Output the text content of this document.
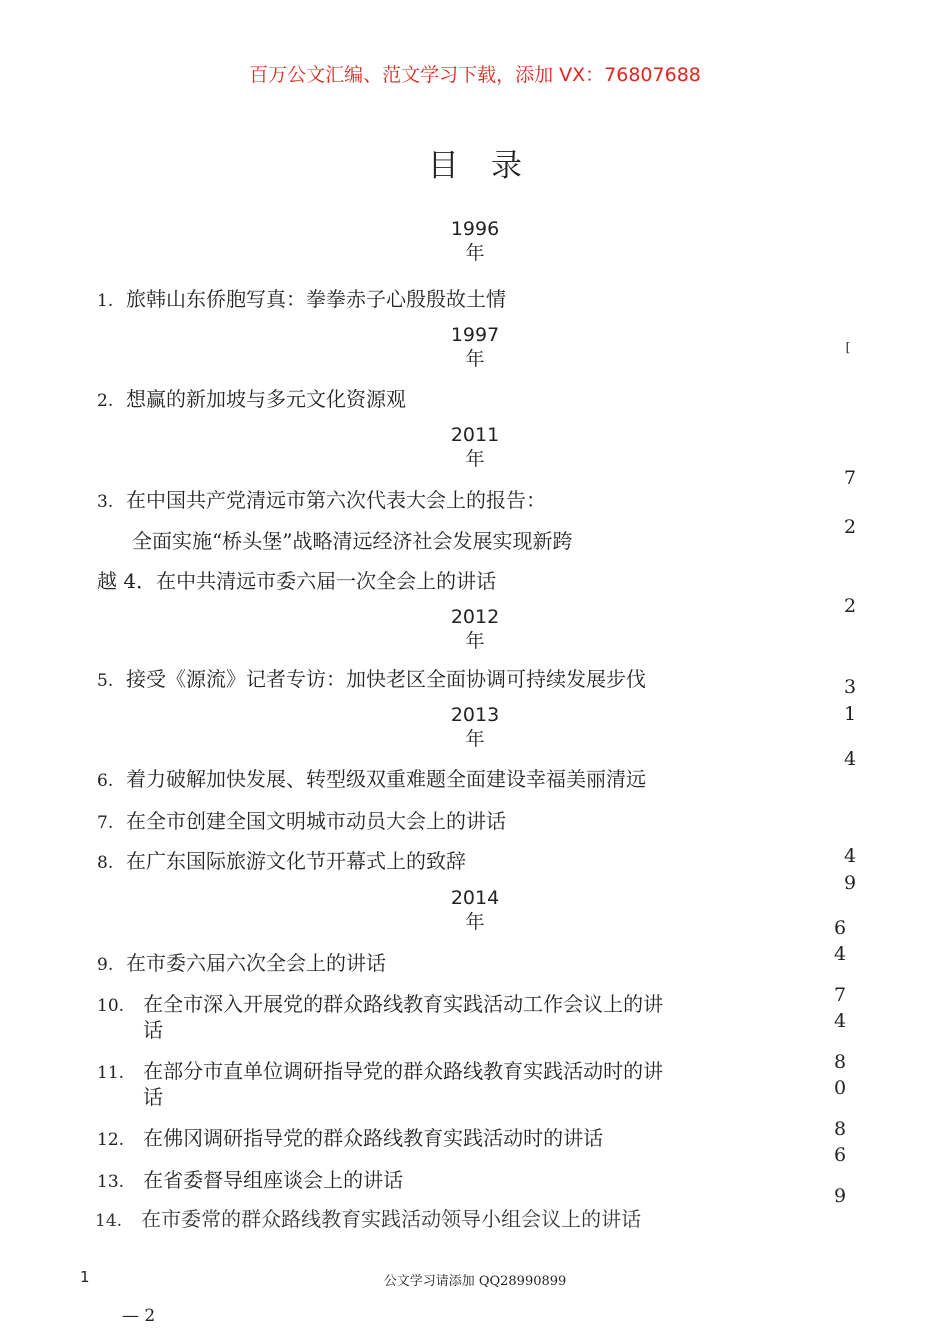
百万公文汇编、范文学习下载，添加 VX：76807688
目 录
1996
年
1997
年
2011
年
2012
年
2013
年
2014
年
1. 旅韩山东侨胞写真：拳拳赤子心殷殷故土情
2. 想赢的新加坡与多元文化资源观
3. 在中国共产党清远市第六次代表大会上的报告：
全面实施“桥头堡”战略清远经济社会发展实现新跨
越 4．在中共清远市委六届一次全会上的讲话
5. 接受《源流》记者专访：加快老区全面协调可持续发展步伐
6. 着力破解加快发展、转型级双重难题全面建设幸福美丽清远
7. 在全市创建全国文明城市动员大会上的讲话
8. 在广东国际旅游文化节开幕式上的致辞
9. 在市委六届六次全会上的讲话
10. 在全市深入开展党的群众路线教育实践活动工作会议上的讲
话
11. 在部分市直单位调研指导党的群众路线教育实践活动时的讲
话
12. 在佛冈调研指导党的群众路线教育实践活动时的讲话
13. 在省委督导组座谈会上的讲话
14. 在市委常的群众路线教育实践活动领导小组会议上的讲话
[
7
2
2
3
1
4
4
9
6
4
7
4
8
0
8
6
9
1	公文学习请添加 QQ28990899
— 2
